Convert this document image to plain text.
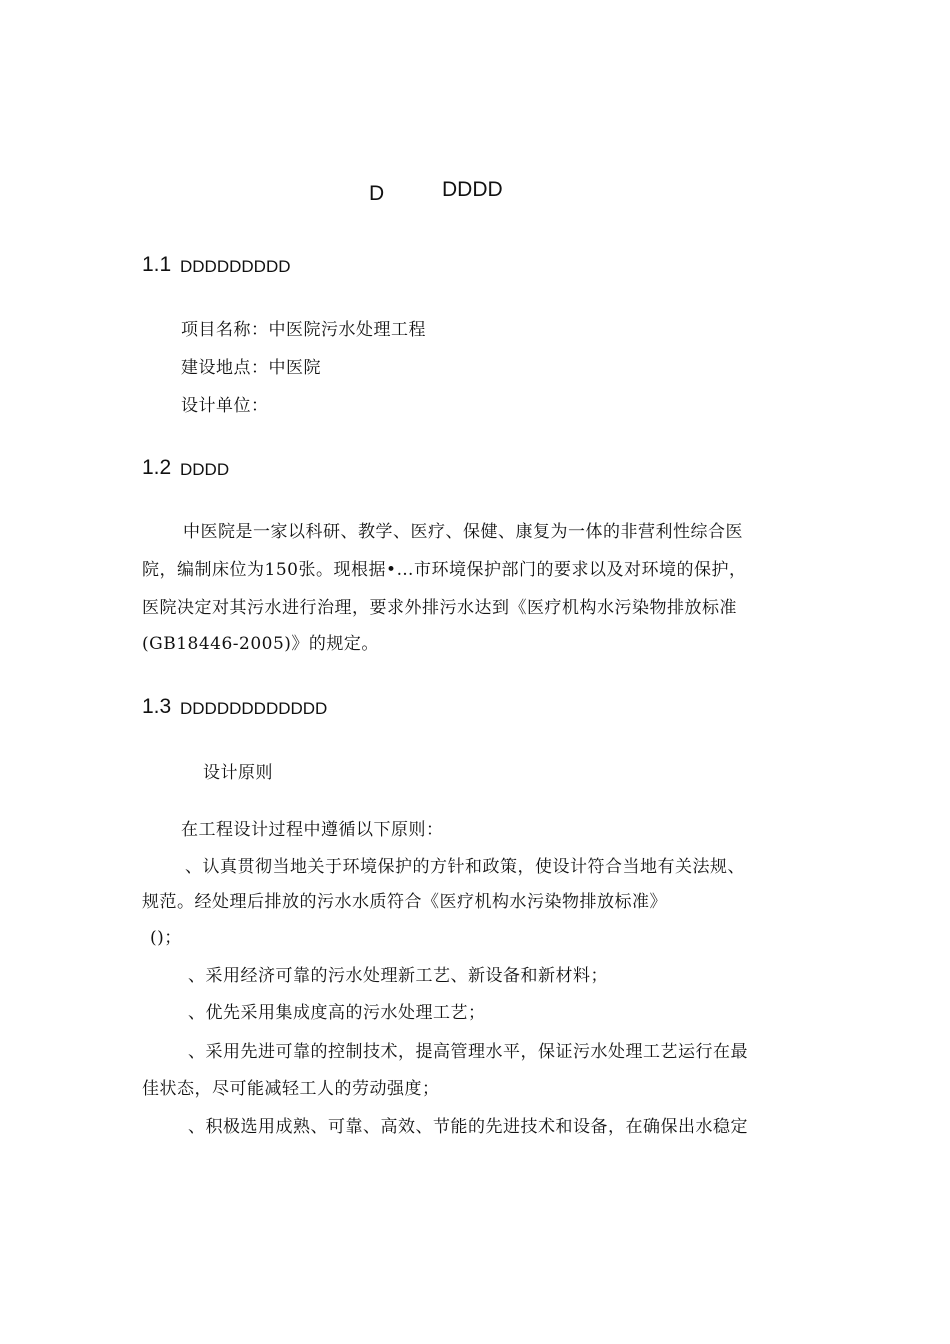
D	DDDD
1.1 DDDDDDDDD
项目名称：中医院污水处理工程
建设地点：中医院
设计单位：
1.2 DDDD
中医院是一家以科研、教学、医疗、保健、康复为一体的非营利性综合医
院，编制床位为150张。现根据•…市环境保护部门的要求以及对环境的保护，
医院决定对其污水进行治理，要求外排污水达到《医疗机构水污染物排放标准
(GB18446-2005)》的规定。
1.3 DDDDDDDDDDDD
设计原则
在工程设计过程中遵循以下原则：
、认真贯彻当地关于环境保护的方针和政策，使设计符合当地有关法规、
规范。经处理后排放的污水水质符合《医疗机构水污染物排放标准》
()；
、采用经济可靠的污水处理新工艺、新设备和新材料；
、优先采用集成度高的污水处理工艺；
、采用先进可靠的控制技术，提高管理水平，保证污水处理工艺运行在最
佳状态，尽可能减轻工人的劳动强度；
、积极选用成熟、可靠、高效、节能的先进技术和设备，在确保出水稳定
